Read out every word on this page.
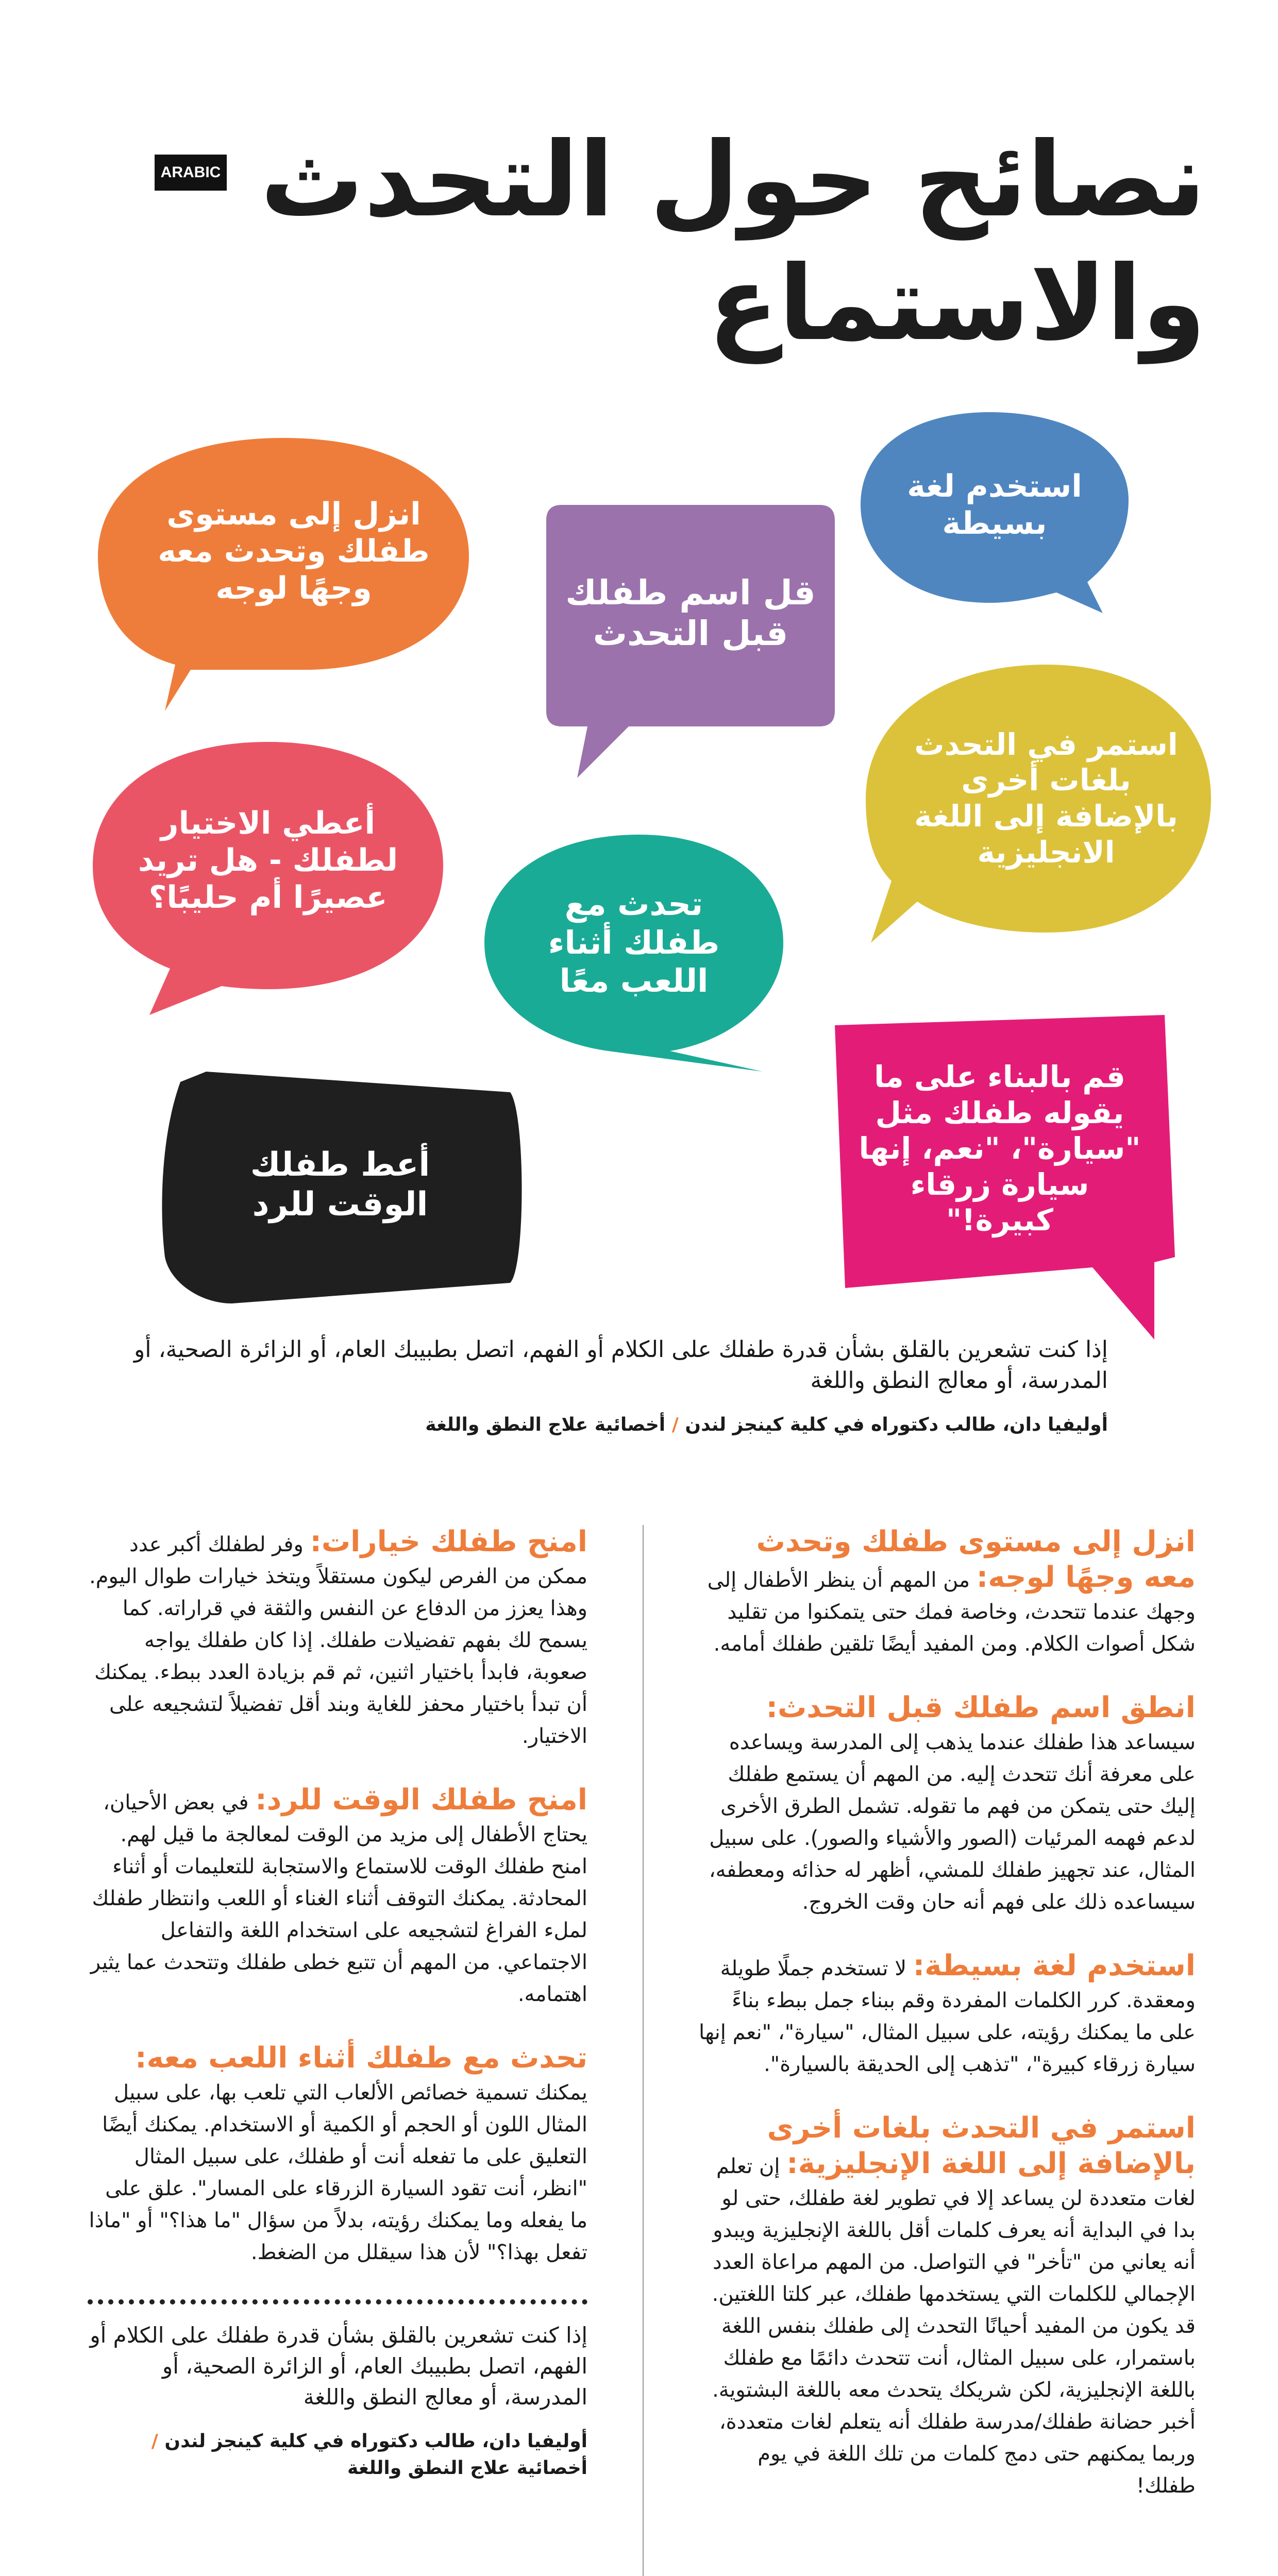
ARABIC نصائح حول التحدث
والاستماع
انزل إلى مستوى طفلك وتحدث معه وجهًا لوجه	قل اسم طفلك قبل التحدث
استخدم لغة بسيطة
استمر في التحدث بلغات أخرى بالإضافة إلى اللغة الانجليزية
أعطي الاختيار لطفلك - هل تريد عصيرًا أم حليبًا؟	تحدث مع طفلك أثناء اللعب معًا
قم بالبناء على ما يقوله طفلك مثل "سيارة"، "نعم، إنها سيارة زرقاء كبيرة!"
أعط طفلك الوقت للرد
إذا كنت تشعرين بالقلق بشأن قدرة طفلك على الكلام أو الفهم، اتصل بطبيبك العام، أو الزائرة الصحية، أو المدرسة، أو معالج النطق واللغة
أوليفيا دان، طالب دكتوراه في كلية كينجز لندن / أخصائية علاج النطق واللغة
انزل إلى مستوى طفلك وتحدث معه وجهًا لوجه:

من المهم أن ينظر الأطفال إلى وجهك عندما تتحدث، وخاصة فمك حتى يتمكنوا من تقليد شكل أصوات الكلام. ومن المفيد أيضًا تلقين طفلك أمامه.

انطق اسم طفلك قبل التحدث:

سيساعد هذا طفلك عندما يذهب إلى المدرسة ويساعده على معرفة أنك تتحدث إليه. من المهم أن يستمع طفلك إليك حتى يتمكن من فهم ما تقوله. تشمل الطرق الأخرى لدعم فهمه المرئيات (الصور والأشياء والصور). على سبيل المثال، عند تجهيز طفلك للمشي، أظهر له حذائه ومعطفه، سيساعده ذلك على فهم أنه حان وقت الخروج.

استخدم لغة بسيطة:

لا تستخدم جملًا طويلة ومعقدة. كرر الكلمات المفردة وقم ببناء جمل ببطء بناءً على ما يمكنك رؤيته، على سبيل المثال، "سيارة"، "نعم إنها سيارة زرقاء كبيرة"، "تذهب إلى الحديقة بالسيارة".

استمر في التحدث بلغات أخرى بالإضافة إلى اللغة الإنجليزية:

إن تعلم لغات متعددة لن يساعد إلا في تطوير لغة طفلك، حتى لو بدا في البداية أنه يعرف كلمات أقل باللغة الإنجليزية ويبدو أنه يعاني من "تأخر" في التواصل. من المهم مراعاة العدد الإجمالي للكلمات التي يستخدمها طفلك، عبر كلتا اللغتين. قد يكون من المفيد أحيانًا التحدث إلى طفلك بنفس اللغة باستمرار، على سبيل المثال، أنت تتحدث دائمًا مع طفلك باللغة الإنجليزية، لكن شريكك يتحدث معه باللغة البشتوية. أخبر حضانة طفلك/مدرسة طفلك أنه يتعلم لغات متعددة، وربما يمكنهم حتى دمج كلمات من تلك اللغة في يوم طفلك!

امنح طفلك خيارات:

وفر لطفلك أكبر عدد ممكن من الفرص ليكون مستقلاً ويتخذ خيارات طوال اليوم. وهذا يعزز من الدفاع عن النفس والثقة في قراراته. كما يسمح لك بفهم تفضيلات طفلك. إذا كان طفلك يواجه صعوبة، فابدأ باختيار اثنين، ثم قم بزيادة العدد ببطء. يمكنك أن تبدأ باختيار محفز للغاية وبند أقل تفضيلاً لتشجيعه على الاختيار.

امنح طفلك الوقت للرد:

في بعض الأحيان، يحتاج الأطفال إلى مزيد من الوقت لمعالجة ما قيل لهم. امنح طفلك الوقت للاستماع والاستجابة للتعليمات أو أثناء المحادثة. يمكنك التوقف أثناء الغناء أو اللعب وانتظار طفلك لملء الفراغ لتشجيعه على استخدام اللغة والتفاعل الاجتماعي. من المهم أن تتبع خطى طفلك وتتحدث عما يثير اهتمامه.

تحدث مع طفلك أثناء اللعب معه:

يمكنك تسمية خصائص الألعاب التي تلعب بها، على سبيل المثال اللون أو الحجم أو الكمية أو الاستخدام. يمكنك أيضًا التعليق على ما تفعله أنت أو طفلك، على سبيل المثال "انظر، أنت تقود السيارة الزرقاء على المسار". علق على ما يفعله وما يمكنك رؤيته، بدلاً من سؤال "ما هذا؟" أو "ماذا تفعل بهذا؟" لأن هذا سيقلل من الضغط.

إذا كنت تشعرين بالقلق بشأن قدرة طفلك على الكلام أو الفهم، اتصل بطبيبك العام، أو الزائرة الصحية، أو المدرسة، أو معالج النطق واللغة
أوليفيا دان، طالب دكتوراه في كلية كينجز لندن / أخصائية علاج النطق واللغة
